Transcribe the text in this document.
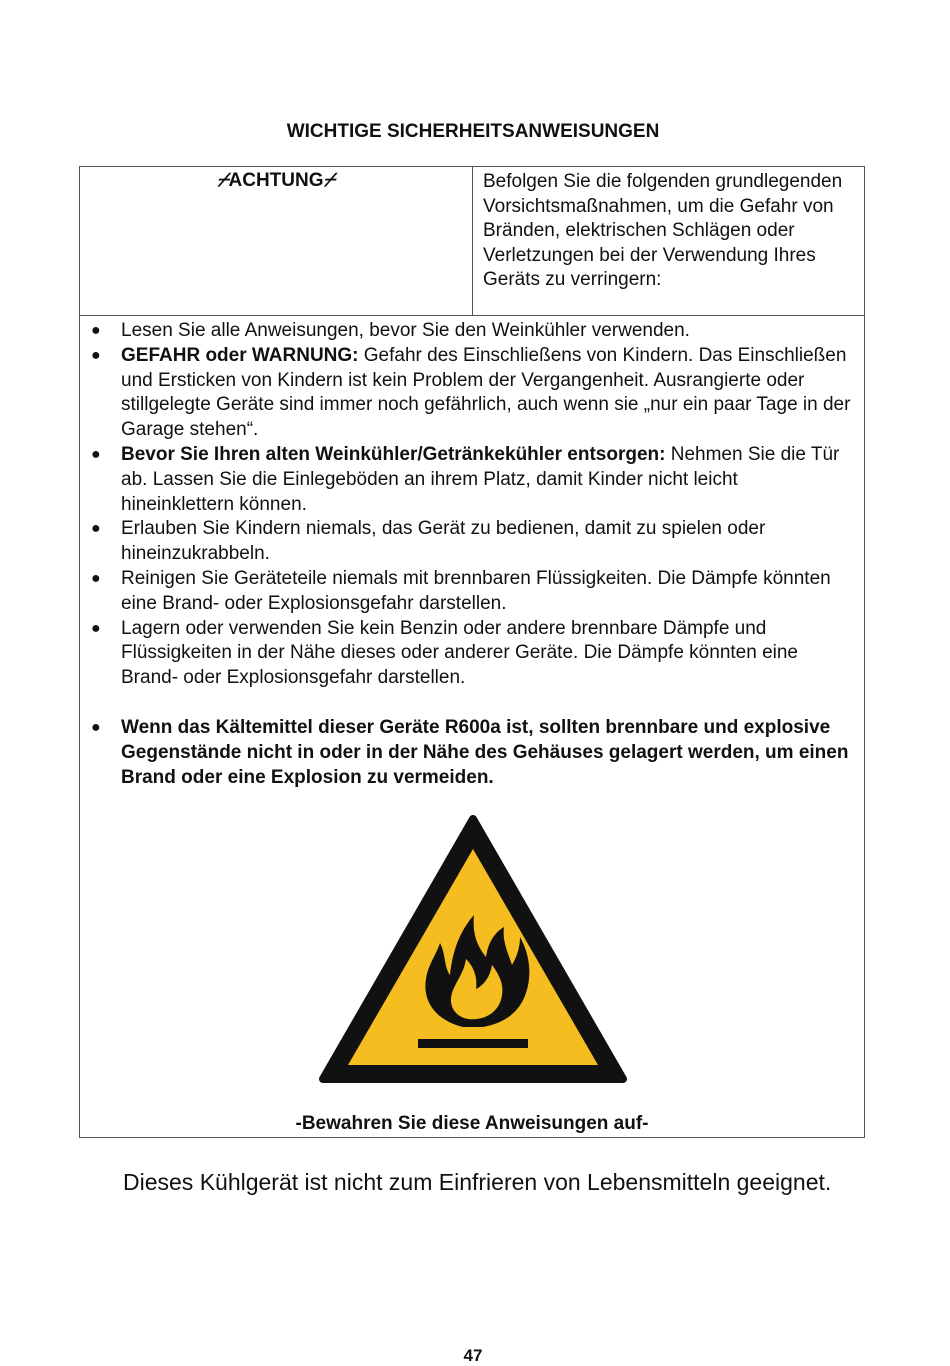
WICHTIGE SICHERHEITSANWEISUNGEN
⌿ACHTUNG⌿	Befolgen Sie die folgenden grundlegenden Vorsichtsmaßnahmen, um die Gefahr von Bränden, elektrischen Schlägen oder Verletzungen bei der Verwendung Ihres Geräts zu verringern:
● Lesen Sie alle Anweisungen, bevor Sie den Weinkühler verwenden.
● GEFAHR oder WARNUNG: Gefahr des Einschließens von Kindern. Das Einschließen und Ersticken von Kindern ist kein Problem der Vergangenheit. Ausrangierte oder stillgelegte Geräte sind immer noch gefährlich, auch wenn sie „nur ein paar Tage in der Garage stehen“.
● Bevor Sie Ihren alten Weinkühler/Getränkekühler entsorgen: Nehmen Sie die Tür ab. Lassen Sie die Einlegeböden an ihrem Platz, damit Kinder nicht leicht hineinklettern können.
● Erlauben Sie Kindern niemals, das Gerät zu bedienen, damit zu spielen oder hineinzukrabbeln.
● Reinigen Sie Geräteteile niemals mit brennbaren Flüssigkeiten. Die Dämpfe könnten eine Brand- oder Explosionsgefahr darstellen.
● Lagern oder verwenden Sie kein Benzin oder andere brennbare Dämpfe und Flüssigkeiten in der Nähe dieses oder anderer Geräte. Die Dämpfe könnten eine Brand- oder Explosionsgefahr darstellen.
● Wenn das Kältemittel dieser Geräte R600a ist, sollten brennbare und explosive Gegenstände nicht in oder in der Nähe des Gehäuses gelagert werden, um einen Brand oder eine Explosion zu vermeiden.
-Bewahren Sie diese Anweisungen auf-
Dieses Kühlgerät ist nicht zum Einfrieren von Lebensmitteln geeignet.
47
